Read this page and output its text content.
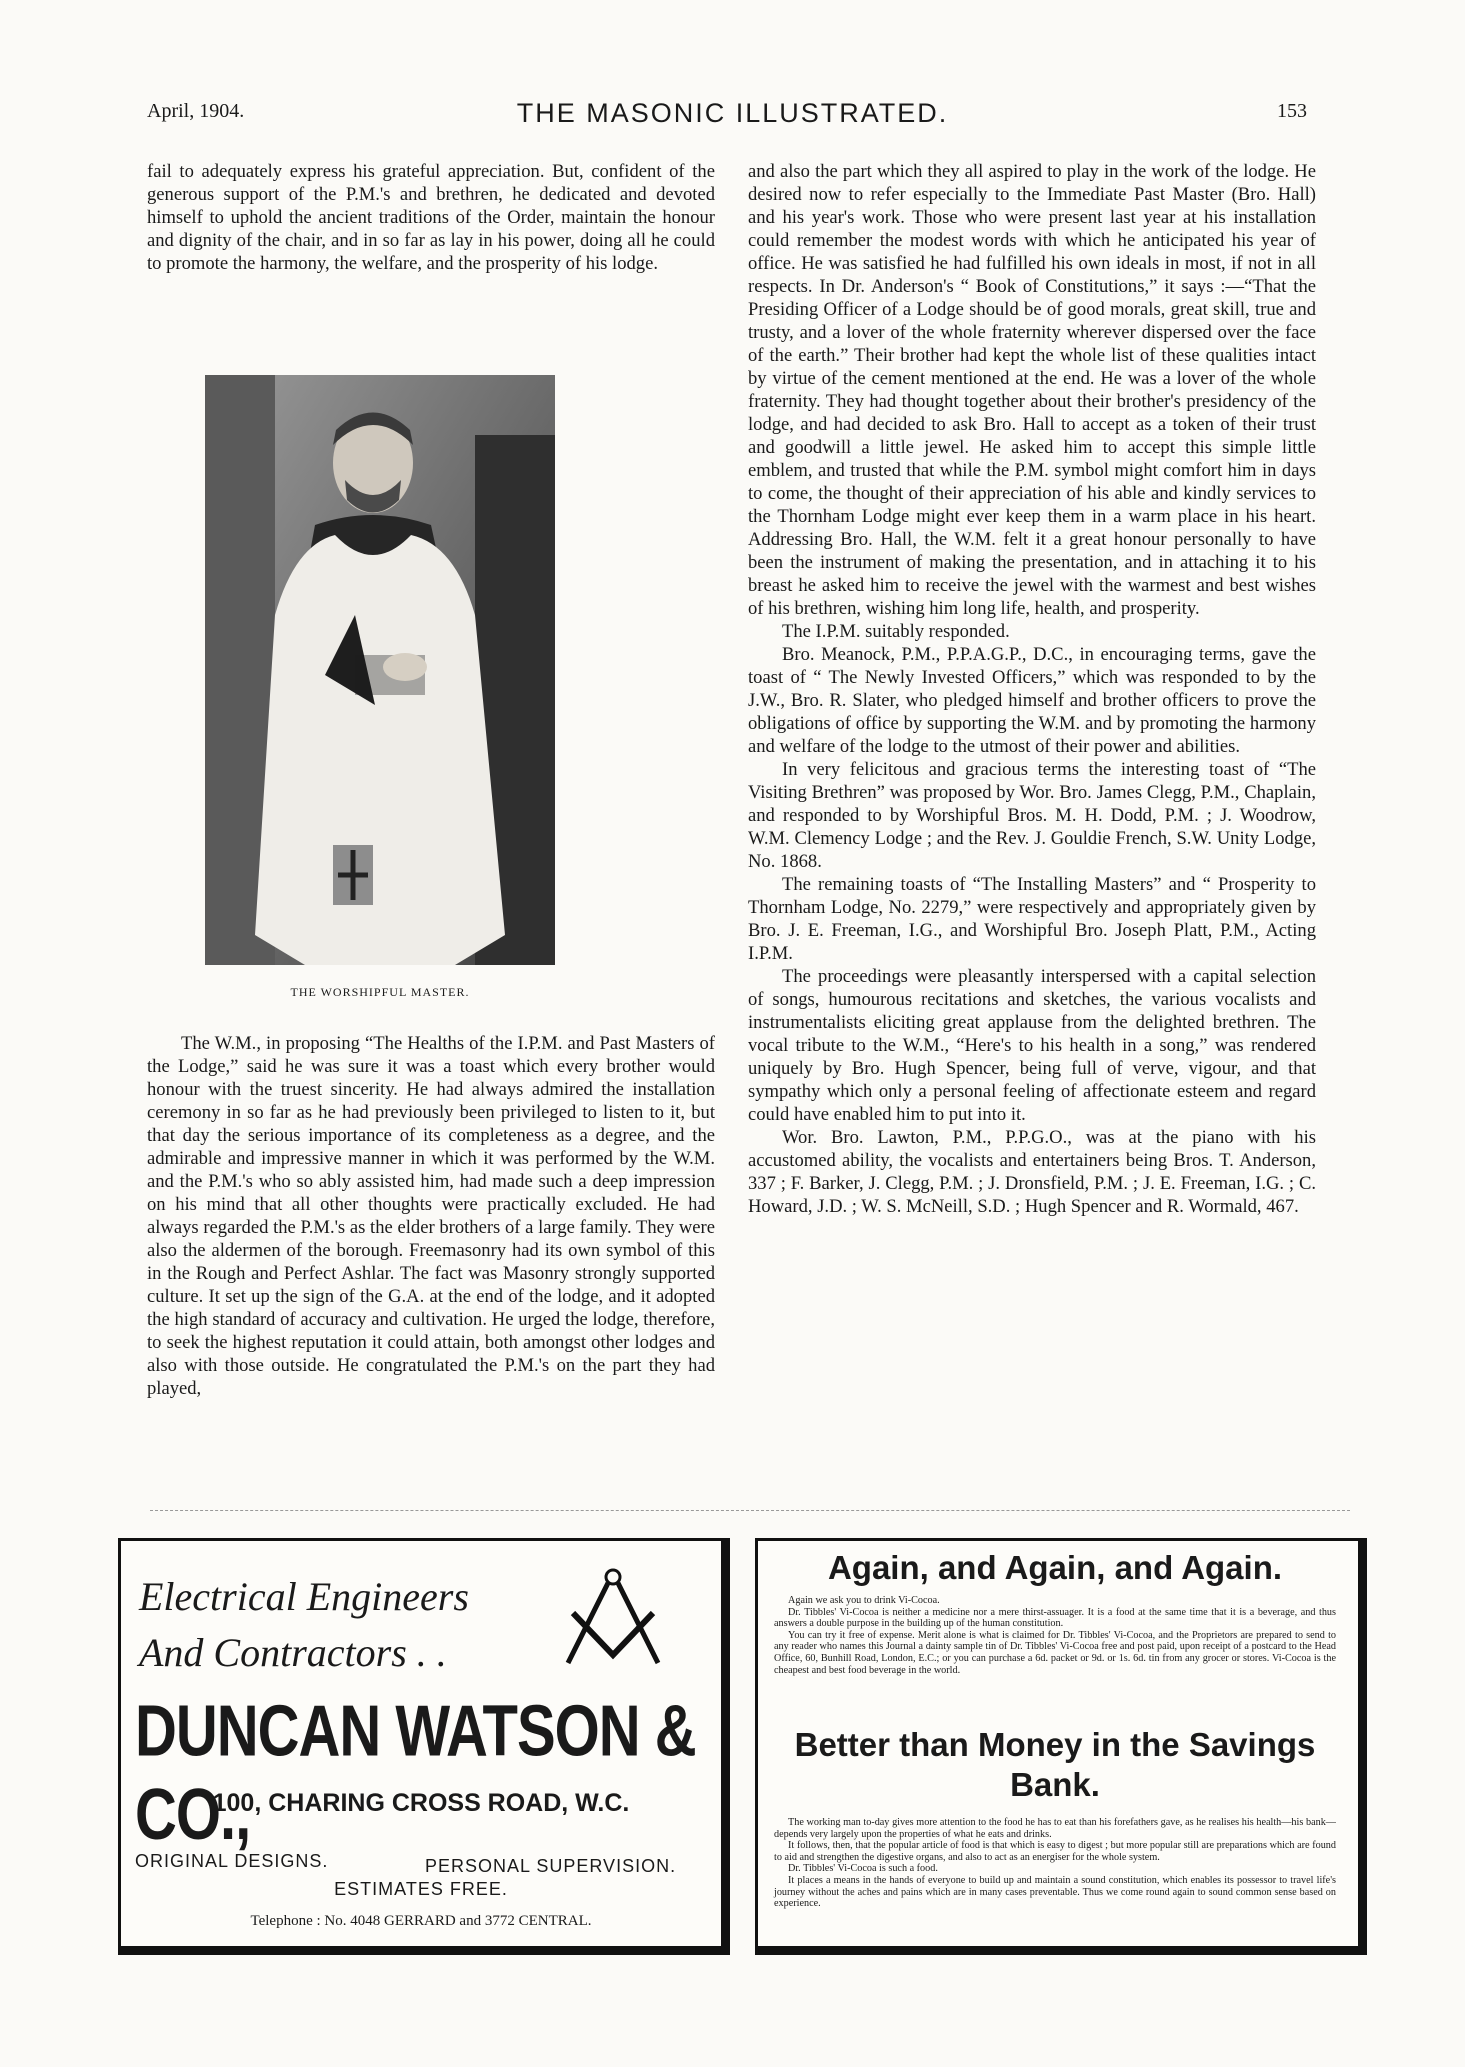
April, 1904.	THE MASONIC ILLUSTRATED.	153

fail to adequately express his grateful appreciation. But, confident of the generous support of the P.M.'s and brethren, he dedicated and devoted himself to uphold the ancient traditions of the Order, maintain the honour and dignity of the chair, and in so far as lay in his power, doing all he could to promote the harmony, the welfare, and the prosperity of his lodge.

THE WORSHIPFUL MASTER.

The W.M., in proposing “The Healths of the I.P.M. and Past Masters of the Lodge,” said he was sure it was a toast which every brother would honour with the truest sincerity. He had always admired the installation ceremony in so far as he had previously been privileged to listen to it, but that day the serious importance of its completeness as a degree, and the admirable and impressive manner in which it was performed by the W.M. and the P.M.'s who so ably assisted him, had made such a deep impression on his mind that all other thoughts were practically excluded. He had always regarded the P.M.'s as the elder brothers of a large family. They were also the aldermen of the borough. Freemasonry had its own symbol of this in the Rough and Perfect Ashlar. The fact was Masonry strongly supported culture. It set up the sign of the G.A. at the end of the lodge, and it adopted the high standard of accuracy and cultivation. He urged the lodge, therefore, to seek the highest reputation it could attain, both amongst other lodges and also with those outside. He congratulated the P.M.'s on the part they had played,

and also the part which they all aspired to play in the work of the lodge. He desired now to refer especially to the Immediate Past Master (Bro. Hall) and his year's work. Those who were present last year at his installation could remember the modest words with which he anticipated his year of office. He was satisfied he had fulfilled his own ideals in most, if not in all respects. In Dr. Anderson's “ Book of Constitutions,” it says :—“That the Presiding Officer of a Lodge should be of good morals, great skill, true and trusty, and a lover of the whole fraternity wherever dispersed over the face of the earth.” Their brother had kept the whole list of these qualities intact by virtue of the cement mentioned at the end. He was a lover of the whole fraternity. They had thought together about their brother's presidency of the lodge, and had decided to ask Bro. Hall to accept as a token of their trust and goodwill a little jewel. He asked him to accept this simple little emblem, and trusted that while the P.M. symbol might comfort him in days to come, the thought of their appreciation of his able and kindly services to the Thornham Lodge might ever keep them in a warm place in his heart. Addressing Bro. Hall, the W.M. felt it a great honour personally to have been the instrument of making the presentation, and in attaching it to his breast he asked him to receive the jewel with the warmest and best wishes of his brethren, wishing him long life, health, and prosperity.

The I.P.M. suitably responded.

Bro. Meanock, P.M., P.P.A.G.P., D.C., in encouraging terms, gave the toast of “ The Newly Invested Officers,” which was responded to by the J.W., Bro. R. Slater, who pledged himself and brother officers to prove the obligations of office by supporting the W.M. and by promoting the harmony and welfare of the lodge to the utmost of their power and abilities.

In very felicitous and gracious terms the interesting toast of “The Visiting Brethren” was proposed by Wor. Bro. James Clegg, P.M., Chaplain, and responded to by Worshipful Bros. M. H. Dodd, P.M. ; J. Woodrow, W.M. Clemency Lodge ; and the Rev. J. Gouldie French, S.W. Unity Lodge, No. 1868.

The remaining toasts of “The Installing Masters” and “ Prosperity to Thornham Lodge, No. 2279,” were respectively and appropriately given by Bro. J. E. Freeman, I.G., and Worshipful Bro. Joseph Platt, P.M., Acting I.P.M.

The proceedings were pleasantly interspersed with a capital selection of songs, humourous recitations and sketches, the various vocalists and instrumentalists eliciting great applause from the delighted brethren. The vocal tribute to the W.M., “Here's to his health in a song,” was rendered uniquely by Bro. Hugh Spencer, being full of verve, vigour, and that sympathy which only a personal feeling of affectionate esteem and regard could have enabled him to put into it.

Wor. Bro. Lawton, P.M., P.P.G.O., was at the piano with his accustomed ability, the vocalists and entertainers being Bros. T. Anderson, 337 ; F. Barker, J. Clegg, P.M. ; J. Dronsfield, P.M. ; J. E. Freeman, I.G. ; C. Howard, J.D. ; W. S. McNeill, S.D. ; Hugh Spencer and R. Wormald, 467.

Electrical Engineers
And Contractors . .
DUNCAN WATSON & CO.,
100, CHARING CROSS ROAD, W.C.
ORIGINAL DESIGNS.	PERSONAL SUPERVISION.
ESTIMATES FREE.
Telephone : No. 4048 GERRARD and 3772 CENTRAL.
Again, and Again, and Again.

Again we ask you to drink Vi-Cocoa.

Dr. Tibbles' Vi-Cocoa is neither a medicine nor a mere thirst-assuager. It is a food at the same time that it is a beverage, and thus answers a double purpose in the building up of the human constitution.

You can try it free of expense. Merit alone is what is claimed for Dr. Tibbles' Vi-Cocoa, and the Proprietors are prepared to send to any reader who names this Journal a dainty sample tin of Dr. Tibbles' Vi-Cocoa free and post paid, upon receipt of a postcard to the Head Office, 60, Bunhill Road, London, E.C.; or you can purchase a 6d. packet or 9d. or 1s. 6d. tin from any grocer or stores. Vi-Cocoa is the cheapest and best food beverage in the world.

Better than Money in the Savings Bank.

The working man to-day gives more attention to the food he has to eat than his forefathers gave, as he realises his health—his bank—depends very largely upon the properties of what he eats and drinks.

It follows, then, that the popular article of food is that which is easy to digest ; but more popular still are preparations which are found to aid and strengthen the digestive organs, and also to act as an energiser for the whole system.

Dr. Tibbles' Vi-Cocoa is such a food.

It places a means in the hands of everyone to build up and maintain a sound constitution, which enables its possessor to travel life's journey without the aches and pains which are in many cases preventable. Thus we come round again to sound common sense based on experience.
